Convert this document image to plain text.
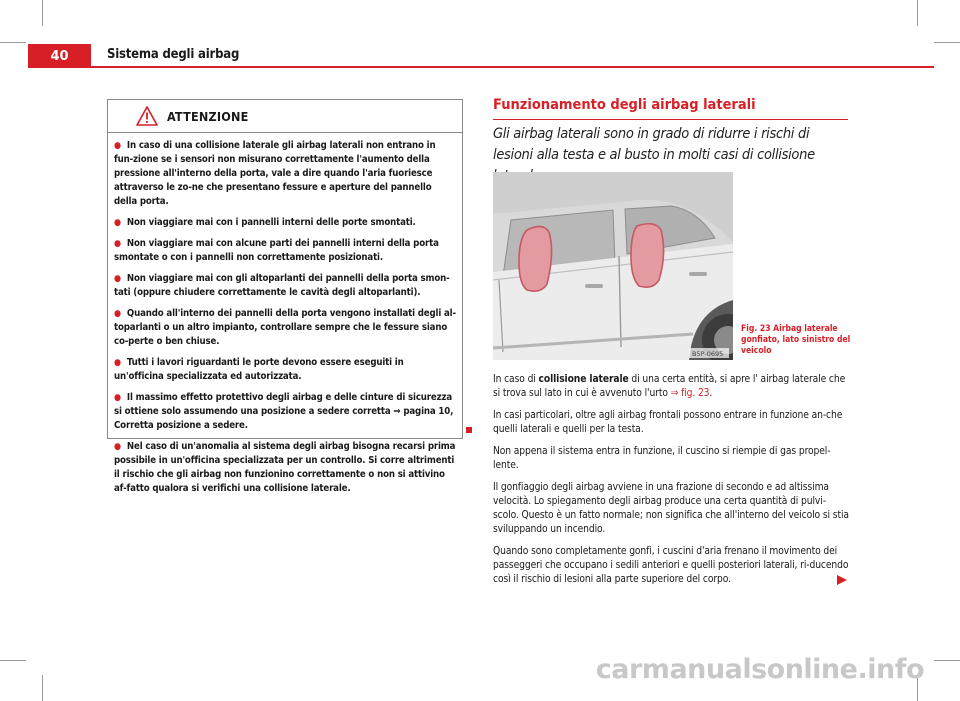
40	Sistema degli airbag
ATTENZIONE
● In caso di una collisione laterale gli airbag laterali non entrano in fun-zione se i sensori non misurano correttamente l'aumento della pressione all'interno della porta, vale a dire quando l'aria fuoriesce attraverso le zo-ne che presentano fessure e aperture del pannello della porta.
● Non viaggiare mai con i pannelli interni delle porte smontati.
● Non viaggiare mai con alcune parti dei pannelli interni della porta smontate o con i pannelli non correttamente posizionati.
● Non viaggiare mai con gli altoparlanti dei pannelli della porta smon-tati (oppure chiudere correttamente le cavità degli altoparlanti).
● Quando all'interno dei pannelli della porta vengono installati degli al-toparlanti o un altro impianto, controllare sempre che le fessure siano co-perte o ben chiuse.
● Tutti i lavori riguardanti le porte devono essere eseguiti in un'officina specializzata ed autorizzata.
● Il massimo effetto protettivo degli airbag e delle cinture di sicurezza si ottiene solo assumendo una posizione a sedere corretta ⇒ pagina 10, Corretta posizione a sedere.
● Nel caso di un'anomalia al sistema degli airbag bisogna recarsi prima possibile in un'officina specializzata per un controllo. Si corre altrimenti il rischio che gli airbag non funzionino correttamente o non si attivino af-fatto qualora si verifichi una collisione laterale.
Funzionamento degli airbag laterali
Gli airbag laterali sono in grado di ridurre i rischi di lesioni alla testa e al busto in molti casi di collisione
B5P-0695
Fig. 23 Airbag laterale gonfiato, lato sinistro del veicolo

In caso di collisione laterale di una certa entità, si apre l' airbag laterale che si trova sul lato in cui è avvenuto l'urto ⇒ fig. 23.

In casi particolari, oltre agli airbag frontali possono entrare in funzione an-che quelli laterali e quelli per la testa.

Non appena il sistema entra in funzione, il cuscino si riempie di gas propel-lente.

Il gonfiaggio degli airbag avviene in una frazione di secondo e ad altissima velocità. Lo spiegamento degli airbag produce una certa quantità di pulvi-scolo. Questo è un fatto normale; non significa che all'interno del veicolo si stia sviluppando un incendio.

Quando sono completamente gonfi, i cuscini d'aria frenano il movimento dei passeggeri che occupano i sedili anteriori e quelli posteriori laterali, ri-ducendo così il rischio di lesioni alla parte superiore del corpo.

carmanualsonline.info
